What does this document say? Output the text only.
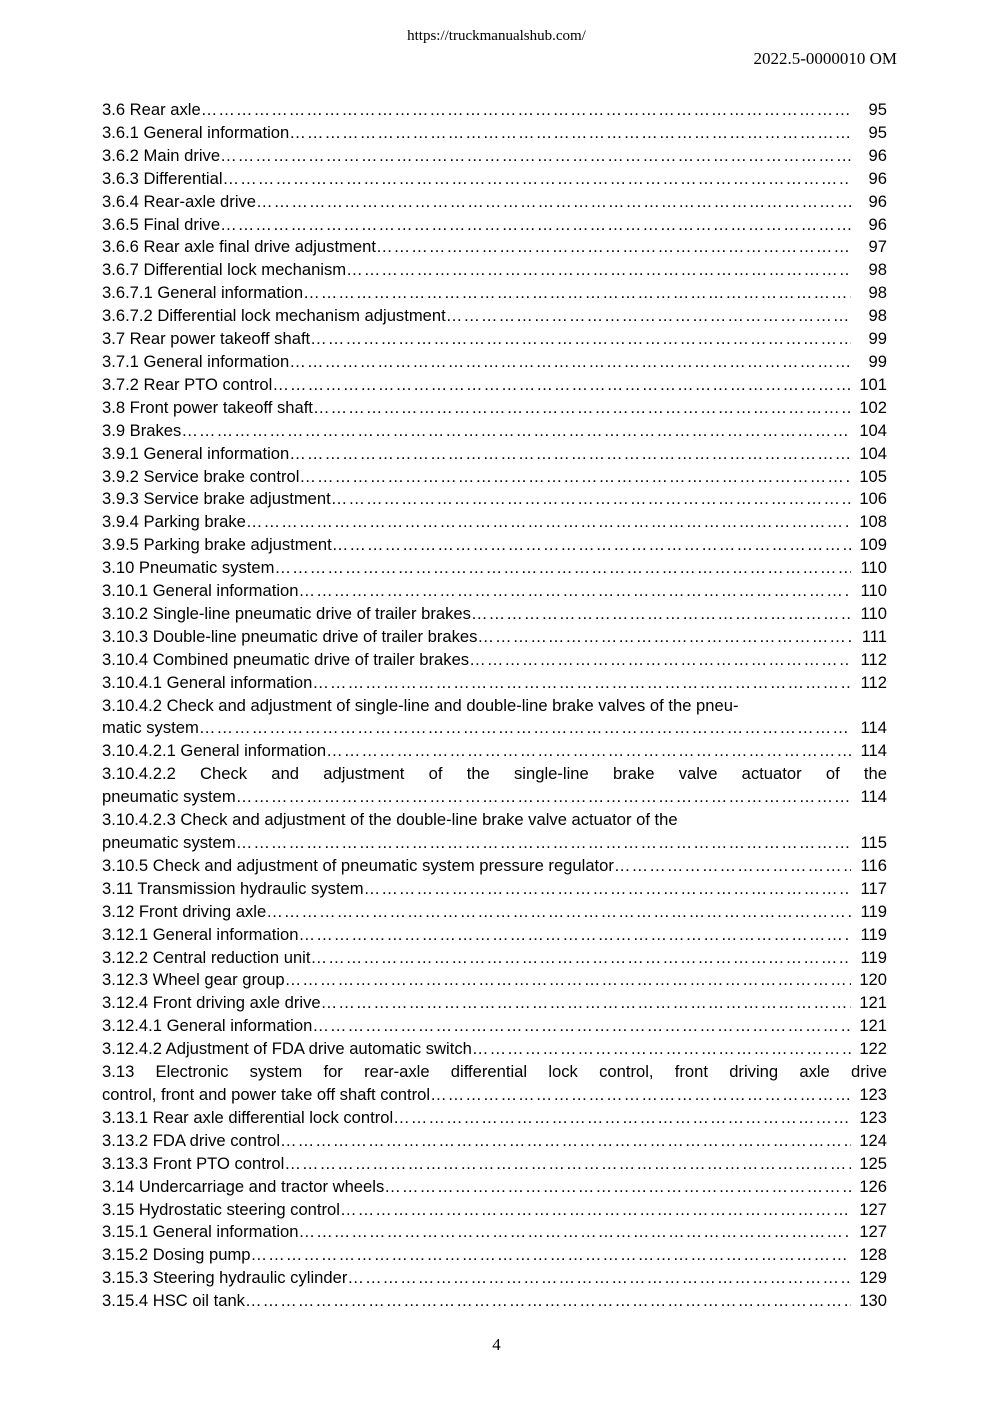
https://truckmanualshub.com/
2022.5-0000010 OM
3.6 Rear axle …………………………………………………………………………………………………………………………………………………………………………	95
3.6.1 General information …………………………………………………………………………………………………………………………………………………………………………	95
3.6.2 Main drive …………………………………………………………………………………………………………………………………………………………………………	96
3.6.3 Differential …………………………………………………………………………………………………………………………………………………………………………	96
3.6.4 Rear-axle drive …………………………………………………………………………………………………………………………………………………………………………	96
3.6.5 Final drive …………………………………………………………………………………………………………………………………………………………………………	96
3.6.6 Rear axle final drive adjustment …………………………………………………………………………………………………………………………………………………………………………	97
3.6.7 Differential lock mechanism …………………………………………………………………………………………………………………………………………………………………………	98
3.6.7.1 General information …………………………………………………………………………………………………………………………………………………………………………	98
3.6.7.2 Differential lock mechanism adjustment …………………………………………………………………………………………………………………………………………………………………………	98
3.7 Rear power takeoff shaft …………………………………………………………………………………………………………………………………………………………………………	99
3.7.1 General information …………………………………………………………………………………………………………………………………………………………………………	99
3.7.2 Rear PTO control …………………………………………………………………………………………………………………………………………………………………………	101
3.8 Front power takeoff shaft …………………………………………………………………………………………………………………………………………………………………………	102
3.9 Brakes …………………………………………………………………………………………………………………………………………………………………………	104
3.9.1 General information …………………………………………………………………………………………………………………………………………………………………………	104
3.9.2 Service brake control …………………………………………………………………………………………………………………………………………………………………………	105
3.9.3 Service brake adjustment …………………………………………………………………………………………………………………………………………………………………………	106
3.9.4 Parking brake …………………………………………………………………………………………………………………………………………………………………………	108
3.9.5 Parking brake adjustment …………………………………………………………………………………………………………………………………………………………………………	109
3.10 Pneumatic system …………………………………………………………………………………………………………………………………………………………………………	110
3.10.1 General information …………………………………………………………………………………………………………………………………………………………………………	110
3.10.2 Single-line pneumatic drive of trailer brakes …………………………………………………………………………………………………………………………………………………………………………	110
3.10.3 Double-line pneumatic drive of trailer brakes …………………………………………………………………………………………………………………………………………………………………………	111
3.10.4 Combined pneumatic drive of trailer brakes …………………………………………………………………………………………………………………………………………………………………………	112
3.10.4.1 General information …………………………………………………………………………………………………………………………………………………………………………	112
3.10.4.2 Check and adjustment of single-line and double-line brake valves of the pneu-
matic system …………………………………………………………………………………………………………………………………………………………………………	114
3.10.4.2.1 General information …………………………………………………………………………………………………………………………………………………………………………	114
3.10.4.2.2 Check and adjustment of the single-line brake valve actuator of the
pneumatic system …………………………………………………………………………………………………………………………………………………………………………	114
3.10.4.2.3 Check and adjustment of the double-line brake valve actuator of the
pneumatic system …………………………………………………………………………………………………………………………………………………………………………	115
3.10.5 Check and adjustment of pneumatic system pressure regulator …………………………………………………………………………………………………………………………………………………………………………	116
3.11 Transmission hydraulic system …………………………………………………………………………………………………………………………………………………………………………	117
3.12 Front driving axle …………………………………………………………………………………………………………………………………………………………………………	119
3.12.1 General information …………………………………………………………………………………………………………………………………………………………………………	119
3.12.2 Central reduction unit …………………………………………………………………………………………………………………………………………………………………………	119
3.12.3 Wheel gear group …………………………………………………………………………………………………………………………………………………………………………	120
3.12.4 Front driving axle drive …………………………………………………………………………………………………………………………………………………………………………	121
3.12.4.1 General information …………………………………………………………………………………………………………………………………………………………………………	121
3.12.4.2 Adjustment of FDA drive automatic switch …………………………………………………………………………………………………………………………………………………………………………	122
3.13 Electronic system for rear-axle differential lock control, front driving axle drive
control, front and power take off shaft control …………………………………………………………………………………………………………………………………………………………………………	123
3.13.1 Rear axle differential lock control …………………………………………………………………………………………………………………………………………………………………………	123
3.13.2 FDA drive control …………………………………………………………………………………………………………………………………………………………………………	124
3.13.3 Front PTO control …………………………………………………………………………………………………………………………………………………………………………	125
3.14 Undercarriage and tractor wheels …………………………………………………………………………………………………………………………………………………………………………	126
3.15 Hydrostatic steering control …………………………………………………………………………………………………………………………………………………………………………	127
3.15.1 General information …………………………………………………………………………………………………………………………………………………………………………	127
3.15.2 Dosing pump …………………………………………………………………………………………………………………………………………………………………………	128
3.15.3 Steering hydraulic cylinder …………………………………………………………………………………………………………………………………………………………………………	129
3.15.4 HSC oil tank …………………………………………………………………………………………………………………………………………………………………………	130
4
